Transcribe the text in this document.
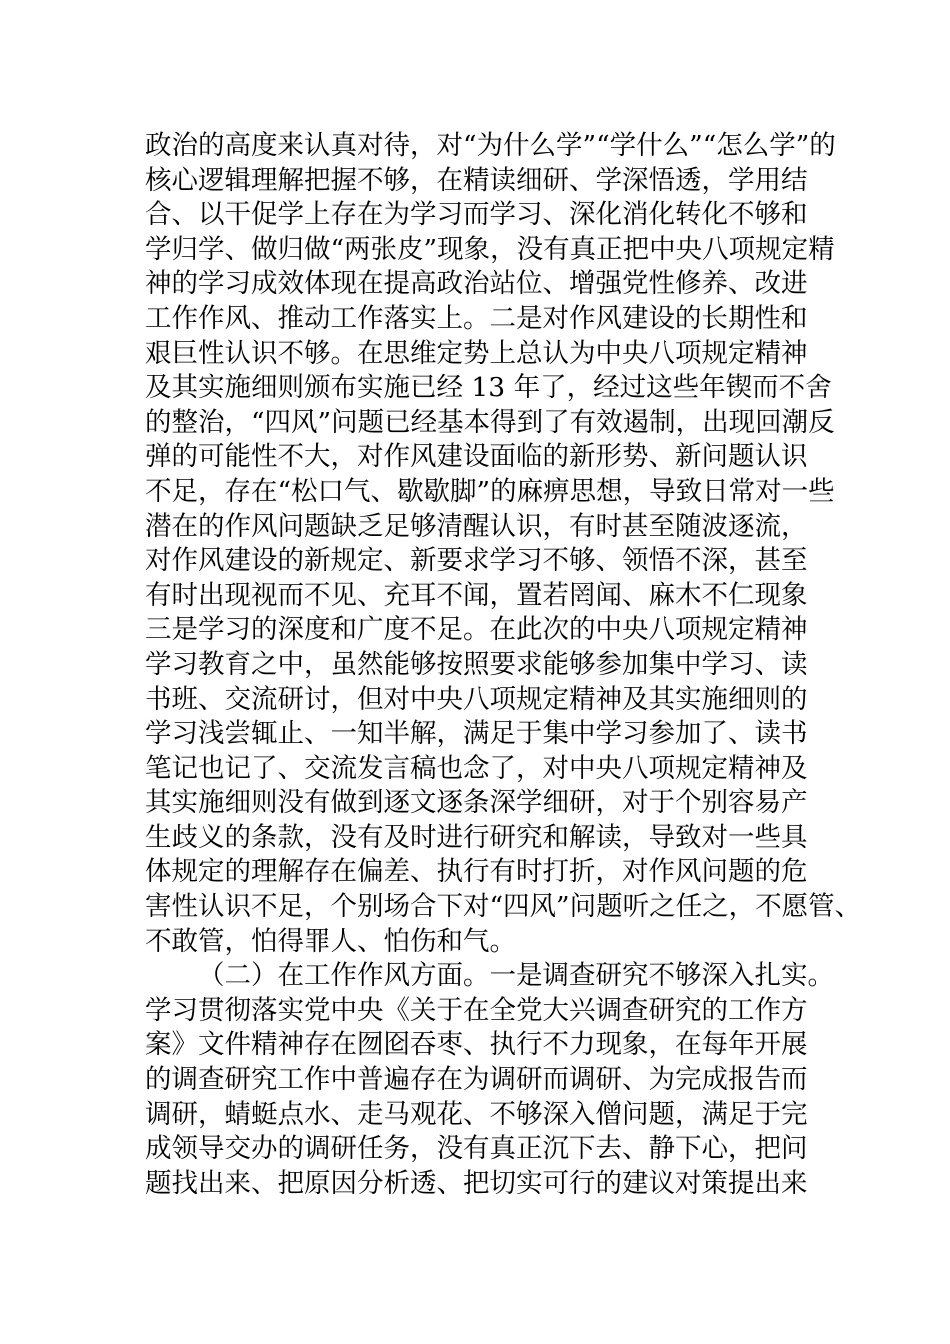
政治的高度来认真对待，对“为什么学”“学什么”“怎么学”的
核心逻辑理解把握不够，在精读细研、学深悟透，学用结
合、以干促学上存在为学习而学习、深化消化转化不够和
学归学、做归做“两张皮”现象，没有真正把中央八项规定精
神的学习成效体现在提高政治站位、增强党性修养、改进
工作作风、推动工作落实上。二是对作风建设的长期性和
艰巨性认识不够。在思维定势上总认为中央八项规定精神
及其实施细则颁布实施已经 13 年了，经过这些年锲而不舍
的整治，“四风”问题已经基本得到了有效遏制，出现回潮反
弹的可能性不大，对作风建设面临的新形势、新问题认识
不足，存在“松口气、歇歇脚”的麻痹思想，导致日常对一些
潜在的作风问题缺乏足够清醒认识，有时甚至随波逐流，
对作风建设的新规定、新要求学习不够、领悟不深，甚至
有时出现视而不见、充耳不闻，置若罔闻、麻木不仁现象
三是学习的深度和广度不足。在此次的中央八项规定精神
学习教育之中，虽然能够按照要求能够参加集中学习、读
书班、交流研讨，但对中央八项规定精神及其实施细则的
学习浅尝辄止、一知半解，满足于集中学习参加了、读书
笔记也记了、交流发言稿也念了，对中央八项规定精神及
其实施细则没有做到逐文逐条深学细研，对于个别容易产
生歧义的条款，没有及时进行研究和解读，导致对一些具
体规定的理解存在偏差、执行有时打折，对作风问题的危
害性认识不足，个别场合下对“四风”问题听之任之，不愿管、
不敢管，怕得罪人、怕伤和气。
（二）在工作作风方面。一是调查研究不够深入扎实。
学习贯彻落实党中央《关于在全党大兴调查研究的工作方
案》文件精神存在囫囵吞枣、执行不力现象，在每年开展
的调查研究工作中普遍存在为调研而调研、为完成报告而
调研，蜻蜓点水、走马观花、不够深入僧问题，满足于完
成领导交办的调研任务，没有真正沉下去、静下心，把问
题找出来、把原因分析透、把切实可行的建议对策提出来
